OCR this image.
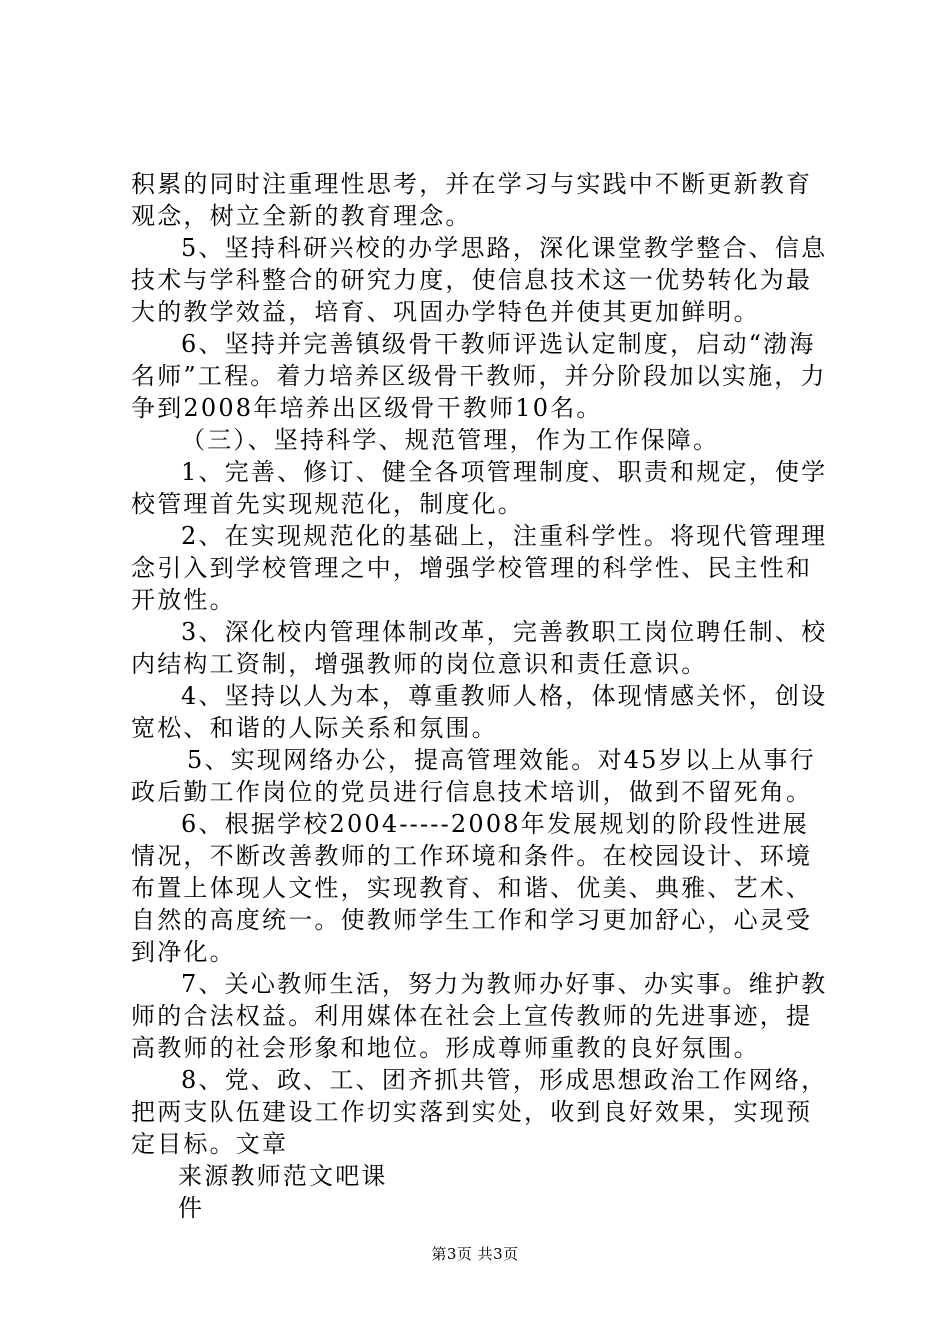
积累的同时注重理性思考，并在学习与实践中不断更新教育观念，树立全新的教育理念。

5、坚持科研兴校的办学思路，深化课堂教学整合、信息技术与学科整合的研究力度，使信息技术这一优势转化为最大的教学效益，培育、巩固办学特色并使其更加鲜明。

6、坚持并完善镇级骨干教师评选认定制度，启动“渤海名师”工程。着力培养区级骨干教师，并分阶段加以实施，力争到2008年培养出区级骨干教师10名。

（三）、坚持科学、规范管理，作为工作保障。

1、完善、修订、健全各项管理制度、职责和规定，使学校管理首先实现规范化，制度化。

2、在实现规范化的基础上，注重科学性。将现代管理理念引入到学校管理之中，增强学校管理的科学性、民主性和开放性。

3、深化校内管理体制改革，完善教职工岗位聘任制、校内结构工资制，增强教师的岗位意识和责任意识。

4、坚持以人为本，尊重教师人格，体现情感关怀，创设宽松、和谐的人际关系和氛围。

5、实现网络办公，提高管理效能。对45岁以上从事行政后勤工作岗位的党员进行信息技术培训，做到不留死角。

6、根据学校2004-----2008年发展规划的阶段性进展情况，不断改善教师的工作环境和条件。在校园设计、环境布置上体现人文性，实现教育、和谐、优美、典雅、艺术、自然的高度统一。使教师学生工作和学习更加舒心，心灵受到净化。

7、关心教师生活，努力为教师办好事、办实事。维护教师的合法权益。利用媒体在社会上宣传教师的先进事迹，提高教师的社会形象和地位。形成尊师重教的良好氛围。

8、党、政、工、团齐抓共管，形成思想政治工作网络，把两支队伍建设工作切实落到实处，收到良好效果，实现预定目标。文章

来源教师范文吧课

件

第3页 共3页
